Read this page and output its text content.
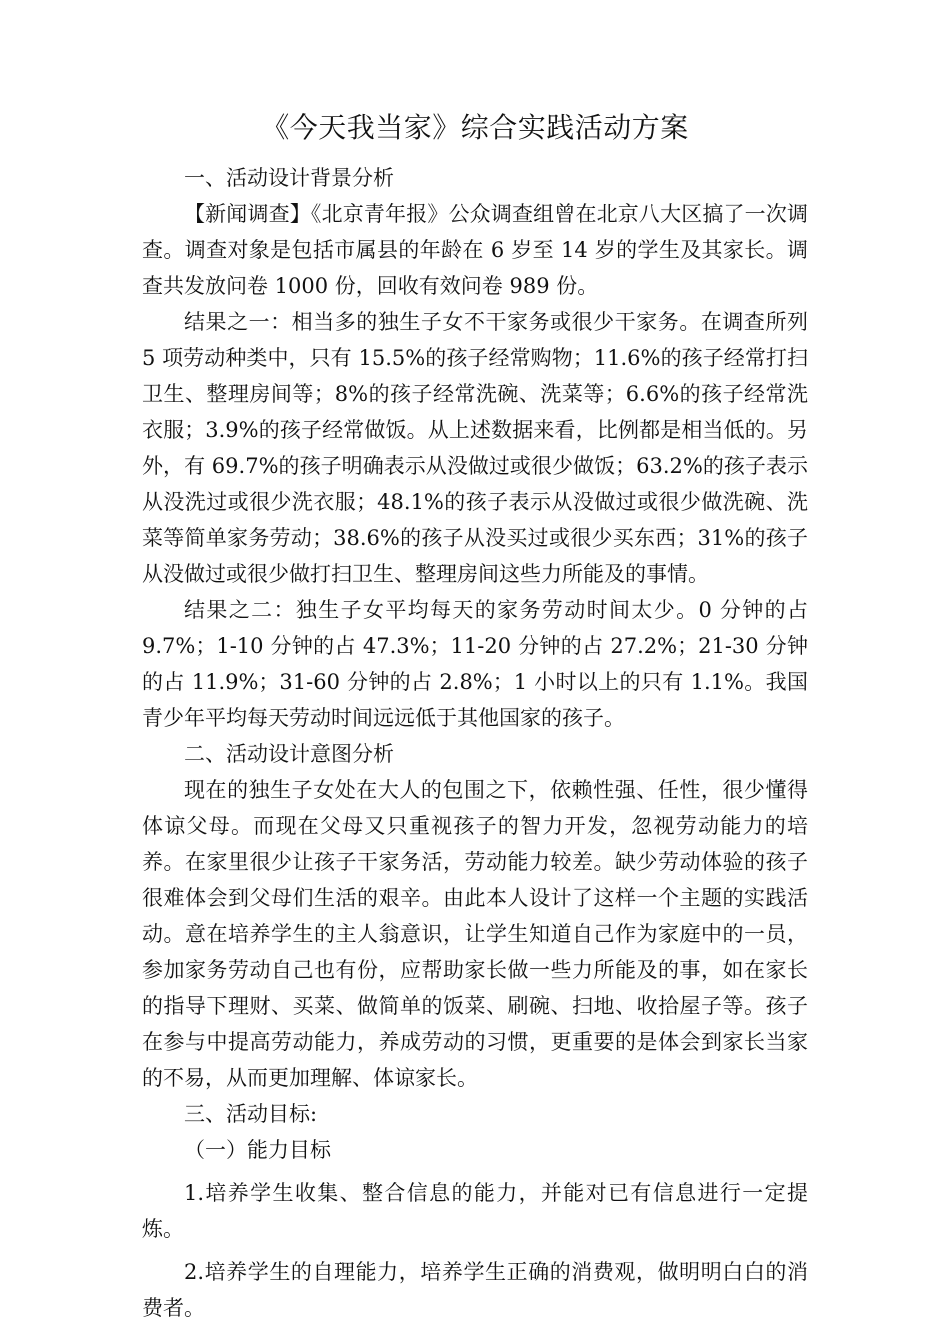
《今天我当家》综合实践活动方案

一、活动设计背景分析

【新闻调查】《北京青年报》公众调查组曾在北京八大区搞了一次调查。调查对象是包括市属县的年龄在 6 岁至 14 岁的学生及其家长。调查共发放问卷 1000 份，回收有效问卷 989 份。

结果之一：相当多的独生子女不干家务或很少干家务。在调查所列 5 项劳动种类中，只有 15.5%的孩子经常购物；11.6%的孩子经常打扫卫生、整理房间等；8%的孩子经常洗碗、洗菜等；6.6%的孩子经常洗衣服；3.9%的孩子经常做饭。从上述数据来看，比例都是相当低的。另外，有 69.7%的孩子明确表示从没做过或很少做饭；63.2%的孩子表示从没洗过或很少洗衣服；48.1%的孩子表示从没做过或很少做洗碗、洗菜等简单家务劳动；38.6%的孩子从没买过或很少买东西；31%的孩子从没做过或很少做打扫卫生、整理房间这些力所能及的事情。

结果之二：独生子女平均每天的家务劳动时间太少。0 分钟的占 9.7%；1-10 分钟的占 47.3%；11-20 分钟的占 27.2%；21-30 分钟的占 11.9%；31-60 分钟的占 2.8%；1 小时以上的只有 1.1%。我国青少年平均每天劳动时间远远低于其他国家的孩子。

二、活动设计意图分析

现在的独生子女处在大人的包围之下，依赖性强、任性，很少懂得体谅父母。而现在父母又只重视孩子的智力开发，忽视劳动能力的培养。在家里很少让孩子干家务活，劳动能力较差。缺少劳动体验的孩子很难体会到父母们生活的艰辛。由此本人设计了这样一个主题的实践活动。意在培养学生的主人翁意识，让学生知道自己作为家庭中的一员，参加家务劳动自己也有份，应帮助家长做一些力所能及的事，如在家长的指导下理财、买菜、做简单的饭菜、刷碗、扫地、收拾屋子等。孩子在参与中提高劳动能力，养成劳动的习惯，更重要的是体会到家长当家的不易，从而更加理解、体谅家长。

三、活动目标:

（一）能力目标

1.培养学生收集、整合信息的能力，并能对已有信息进行一定提炼。

2.培养学生的自理能力，培养学生正确的消费观，做明明白白的消费者。
